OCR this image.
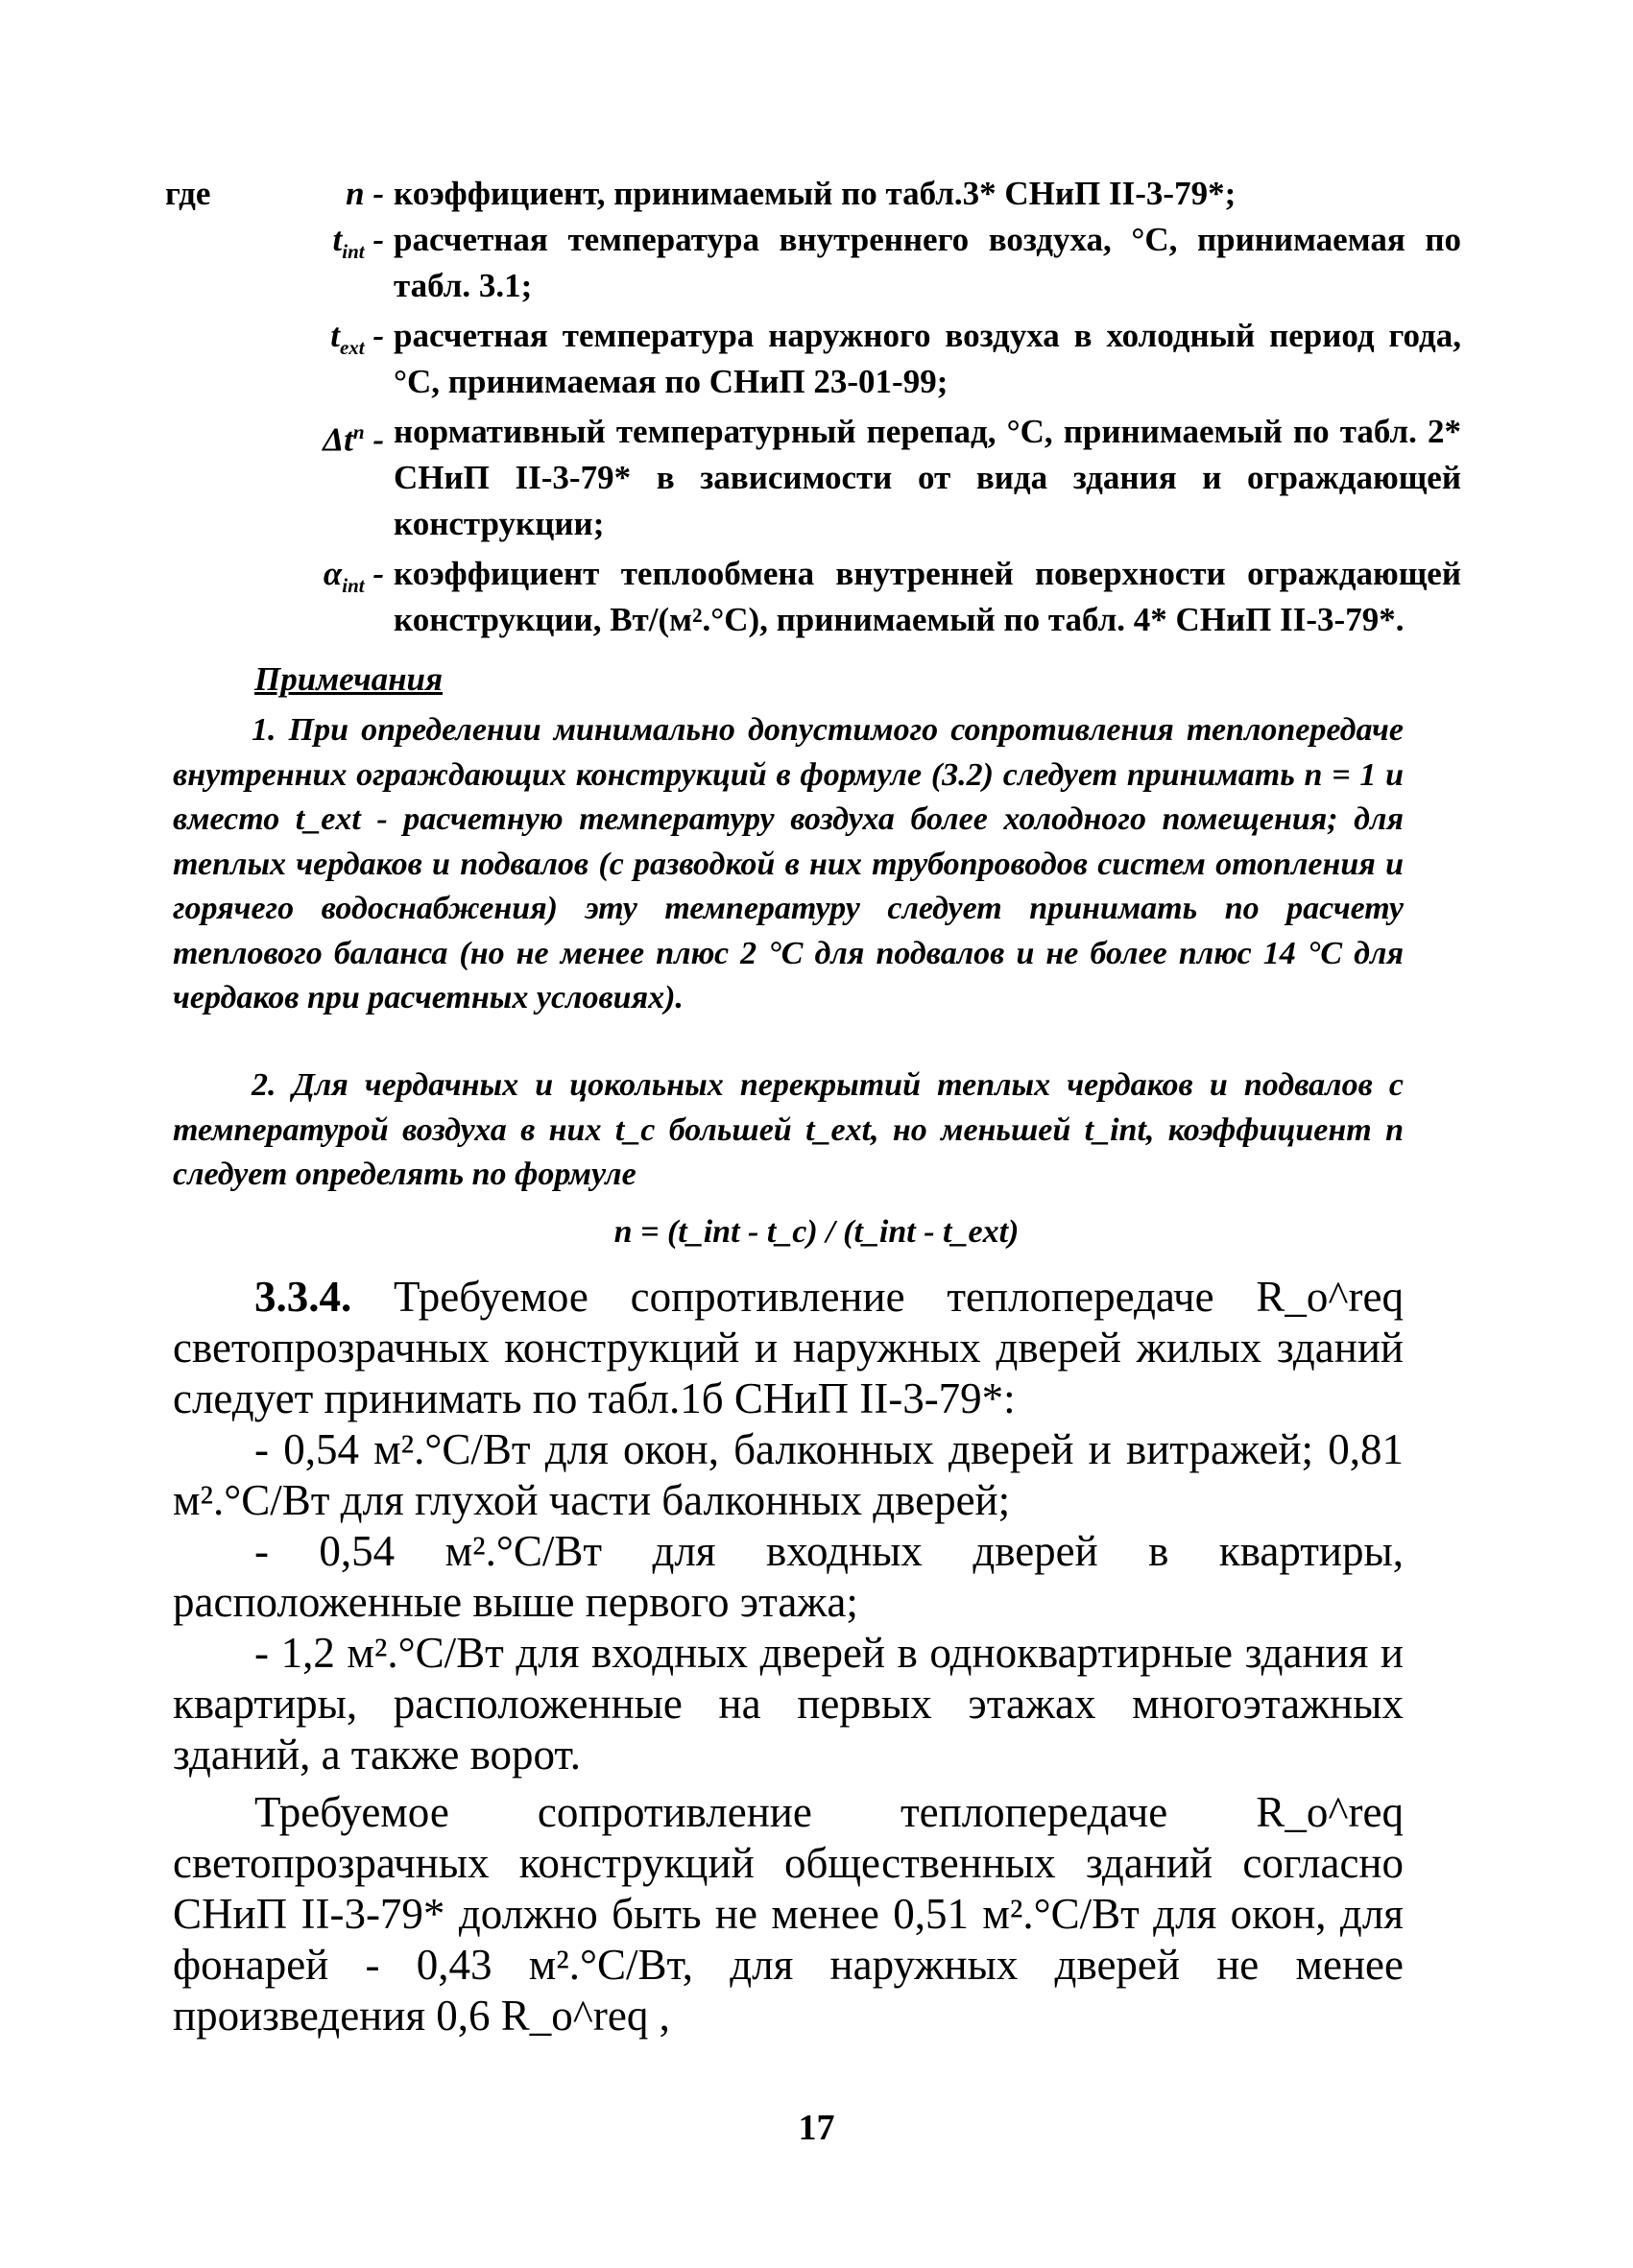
где	n - коэффициент, принимаемый по табл.3* СНиП II-3-79*;
$t_{int}$ - расчетная температура внутреннего воздуха, °С, принимаемая по табл. 3.1;
$t_{ext}$ - расчетная температура наружного воздуха в холодный период года, °С, принимаемая по СНиП 23-01-99;
$\Delta t^n$ - нормативный температурный перепад, °С, принимаемый по табл. 2* СНиП II-3-79* в зависимости от вида здания и ограждающей конструкции;
$\alpha_{int}$ - коэффициент теплообмена внутренней поверхности ограждающей конструкции, Вт/(м².°С), принимаемый по табл. 4* СНиП II-3-79*.
Примечания
1. При определении минимально допустимого сопротивления теплопередаче внутренних ограждающих конструкций в формуле (3.2) следует принимать n = 1 и вместо t_ext - расчетную температуру воздуха более холодного помещения; для теплых чердаков и подвалов (с разводкой в них трубопроводов систем отопления и горячего водоснабжения) эту температуру следует принимать по расчету теплового баланса (но не менее плюс 2 °С для подвалов и не более плюс 14 °С для чердаков при расчетных условиях).
2. Для чердачных и цокольных перекрытий теплых чердаков и подвалов с температурой воздуха в них t_c большей t_ext, но меньшей t_int, коэффициент n следует определять по формуле
n = (t_int - t_c) / (t_int - t_ext)
3.3.4. Требуемое сопротивление теплопередаче R_o^req светопрозрачных конструкций и наружных дверей жилых зданий следует принимать по табл.1б СНиП II-3-79*:
- 0,54 м².°С/Вт для окон, балконных дверей и витражей; 0,81 м².°С/Вт для глухой части балконных дверей;
- 0,54 м².°С/Вт для входных дверей в квартиры, расположенные выше первого этажа;
- 1,2 м².°С/Вт для входных дверей в одноквартирные здания и квартиры, расположенные на первых этажах многоэтажных зданий, а также ворот.
Требуемое сопротивление теплопередаче R_o^req светопрозрачных конструкций общественных зданий согласно СНиП II-3-79* должно быть не менее 0,51 м².°С/Вт для окон, для фонарей - 0,43 м².°С/Вт, для наружных дверей не менее произведения 0,6 R_o^req ,
17
